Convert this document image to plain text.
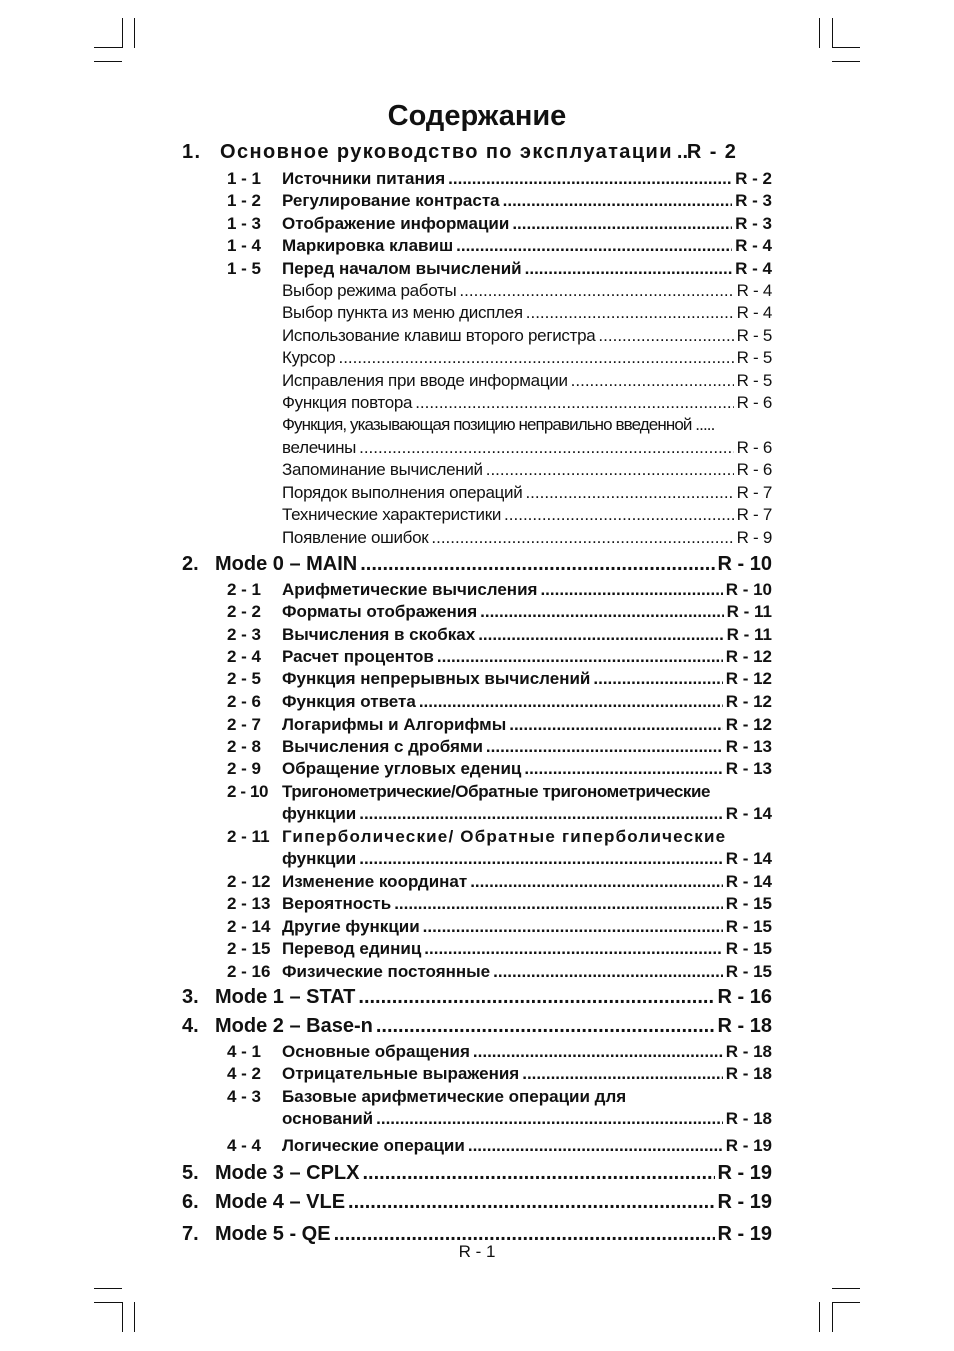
Содержание
1. Основное руководство по эксплуатации ..... R - 2
1 - 1	Источники питания .....	R - 2
1 - 2	Регулирование контраста .....	R - 3
1 - 3	Отображение информации .....	R - 3
1 - 4	Маркировка клавиш .....	R - 4
1 - 5	Перед началом вычислений .....	R - 4
Выбор режима работы .....	R - 4
Выбор пункта из меню дисплея .....	R - 4
Использование клавиш второго регистра .....	R - 5
Курсор .....	R - 5
Исправления при вводе информации .....	R - 5
Функция повтора .....	R - 6
Функция, указывающая позицию неправильно введенной .....
велечины .....	R - 6
Запоминание вычислений .....	R - 6
Порядок выполнения операций .....	R - 7
Технические характеристики .....	R - 7
Появление ошибок .....	R - 9
2. Mode 0 – MAIN .....	R - 10
2 - 1	Арифметические вычисления .....	R - 10
2 - 2	Форматы отображения .....	R - 11
2 - 3	Вычисления в скобках .....	R - 11
2 - 4	Расчет процентов .....	R - 12
2 - 5	Функция непрерывных вычислений .....	R - 12
2 - 6	Функция ответа .....	R - 12
2 - 7	Логарифмы и Алгорифмы .....	R - 12
2 - 8	Вычисления с дробями .....	R - 13
2 - 9	Обращение угловых едениц .....	R - 13
2 - 10 Тригонометрические/Обратные тригонометрические
функции .....	R - 14
2 - 11 Гиперболические/ Обратные гиперболические
функции .....	R - 14
2 - 12 Изменение координат .....	R - 14
2 - 13 Вероятность .....	R - 15
2 - 14 Другие функции .....	R - 15
2 - 15 Перевод единиц .....	R - 15
2 - 16 Физические постоянные .....	R - 15
3. Mode 1 – STAT .....	R - 16
4. Mode 2 – Base-n .....	R - 18
4 - 1	Основные обращения .....	R - 18
4 - 2	Отрицательные выражения .....	R - 18
4 - 3	Базовые арифметические операции для
оснований .....	R - 18
4 - 4	Логические операции .....	R - 19
5. Mode 3 – CPLX .....	R - 19
6. Mode 4 – VLE .....	R - 19
7. Mode 5 - QE .....	R - 19
R - 1
